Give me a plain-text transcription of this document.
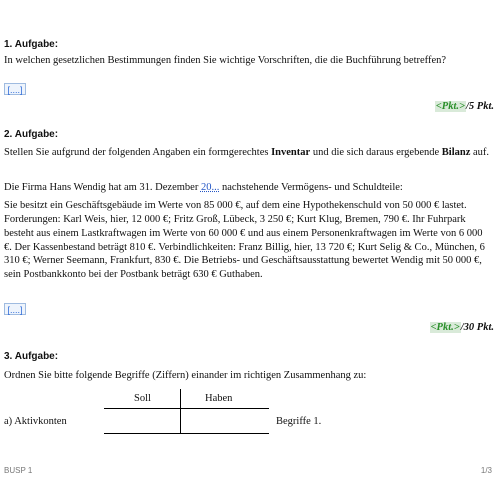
1. Aufgabe:

In welchen gesetzlichen Bestimmungen finden Sie wichtige Vorschriften, die die Buchführung betreffen?

[....]
<Pkt.>/5 Pkt.
2. Aufgabe:

Stellen Sie aufgrund der folgenden Angaben ein formgerechtes Inventar und die sich daraus ergebende Bilanz auf.

Die Firma Hans Wendig hat am 31. Dezember 20... nachstehende Vermögens- und Schuldteile:

Sie besitzt ein Geschäftsgebäude im Werte von 85 000 €, auf dem eine Hypothekenschuld von 50 000 € lastet. Forderungen: Karl Weis, hier, 12 000 €; Fritz Groß, Lübeck, 3 250 €; Kurt Klug, Bremen, 790 €. Ihr Fuhrpark besteht aus einem Lastkraftwagen im Werte von 60 000 € und aus einem Personenkraftwagen im Werte von 6 000 €. Der Kassenbestand beträgt 810 €. Verbindlichkeiten: Franz Billig, hier, 13 720 €; Kurt Selig & Co., München, 6 310 €; Werner Seemann, Frankfurt, 830 €. Die Betriebs- und Geschäftsausstattung bewertet Wendig mit 50 000 €, sein Postbankkonto bei der Postbank beträgt 630 € Guthaben.

[....]
<Pkt.>/30 Pkt.
3. Aufgabe:

Ordnen Sie bitte folgende Begriffe (Ziffern) einander im richtigen Zusammenhang zu:

Soll	Haben
a) Aktivkonten	Begriffe 1.
BUSP 1	1/3
